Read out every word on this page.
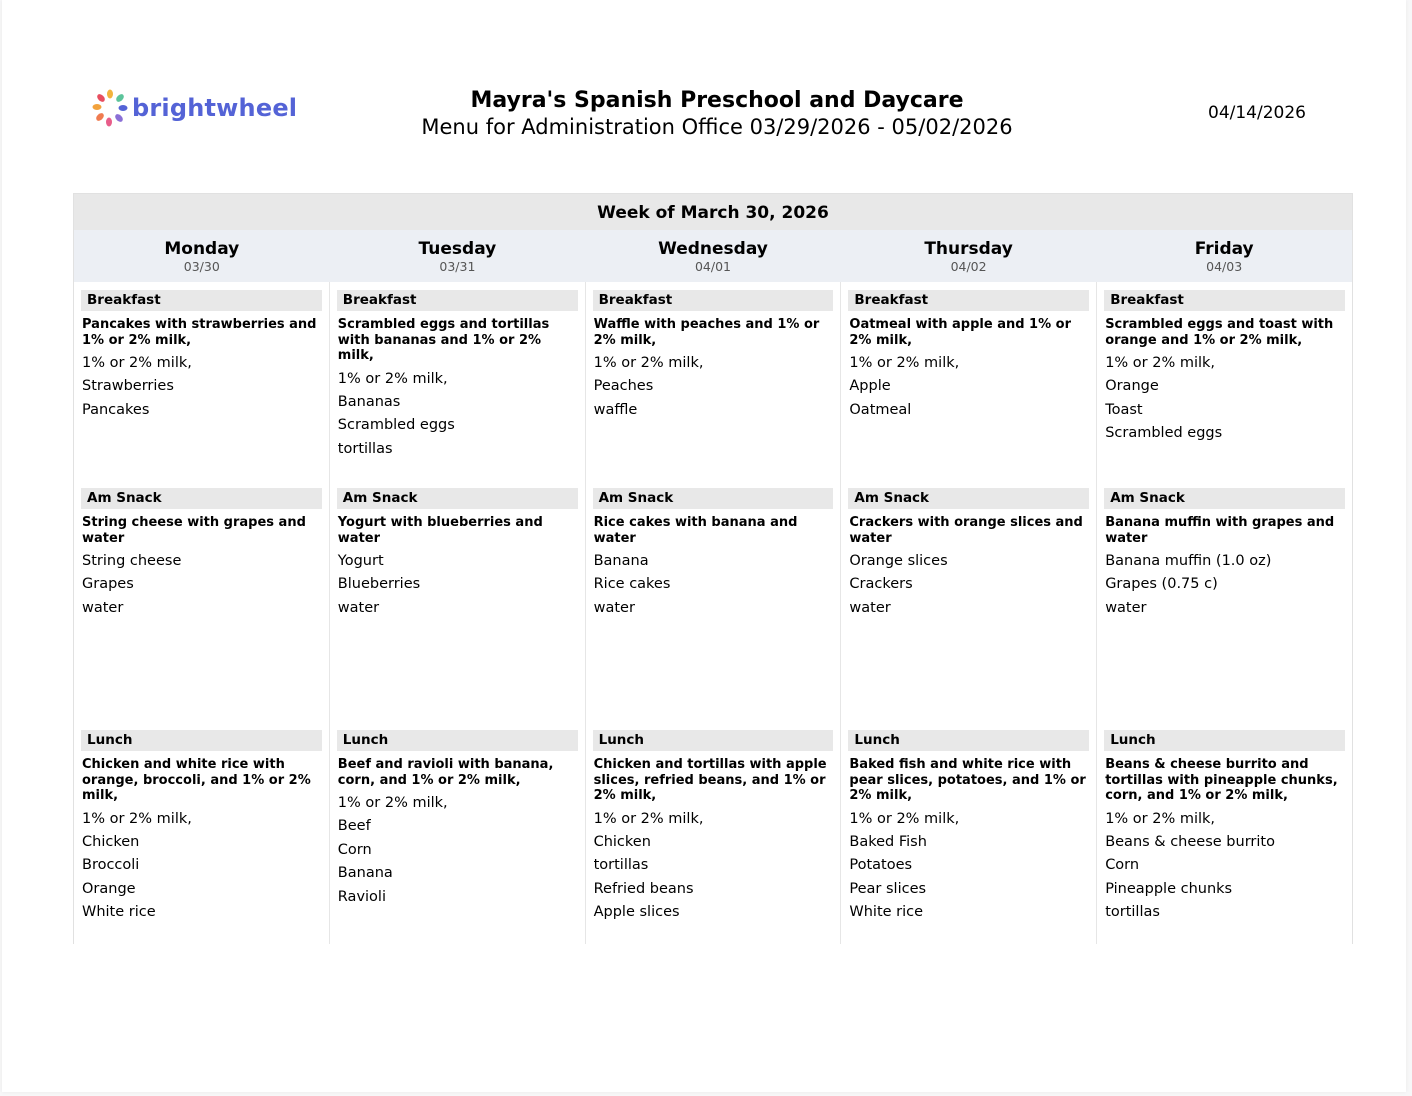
brightwheel	Mayra's Spanish Preschool and Daycare
Menu for Administration Office 03/29/2026 - 05/02/2026
04/14/2026
Week of March 30, 2026
Monday
03/30
Tuesday
03/31
Wednesday
04/01
Thursday
04/02
Friday
04/03
Breakfast
Pancakes with strawberries and 1% or 2% milk,
1% or 2% milk,
Strawberries
Pancakes
Am Snack
String cheese with grapes and water
String cheese
Grapes
water
Lunch
Chicken and white rice with orange, broccoli, and 1% or 2% milk,
1% or 2% milk,
Chicken
Broccoli
Orange
White rice
Breakfast
Scrambled eggs and tortillas with bananas and 1% or 2% milk,
1% or 2% milk,
Bananas
Scrambled eggs
tortillas
Am Snack
Yogurt with blueberries and water
Yogurt
Blueberries
water
Lunch
Beef and ravioli with banana, corn, and 1% or 2% milk,
1% or 2% milk,
Beef
Corn
Banana
Ravioli
Breakfast
Waffle with peaches and 1% or 2% milk,
1% or 2% milk,
Peaches
waffle
Am Snack
Rice cakes with banana and water
Banana
Rice cakes
water
Lunch
Chicken and tortillas with apple slices, refried beans, and 1% or 2% milk,
1% or 2% milk,
Chicken
tortillas
Refried beans
Apple slices
Breakfast
Oatmeal with apple and 1% or 2% milk,
1% or 2% milk,
Apple
Oatmeal
Am Snack
Crackers with orange slices and water
Orange slices
Crackers
water
Lunch
Baked fish and white rice with pear slices, potatoes, and 1% or 2% milk,
1% or 2% milk,
Baked Fish
Potatoes
Pear slices
White rice
Breakfast
Scrambled eggs and toast with orange and 1% or 2% milk,
1% or 2% milk,
Orange
Toast
Scrambled eggs
Am Snack
Banana muffin with grapes and water
Banana muffin (1.0 oz)
Grapes (0.75 c)
water
Lunch
Beans & cheese burrito and tortillas with pineapple chunks, corn, and 1% or 2% milk,
1% or 2% milk,
Beans & cheese burrito
Corn
Pineapple chunks
tortillas
